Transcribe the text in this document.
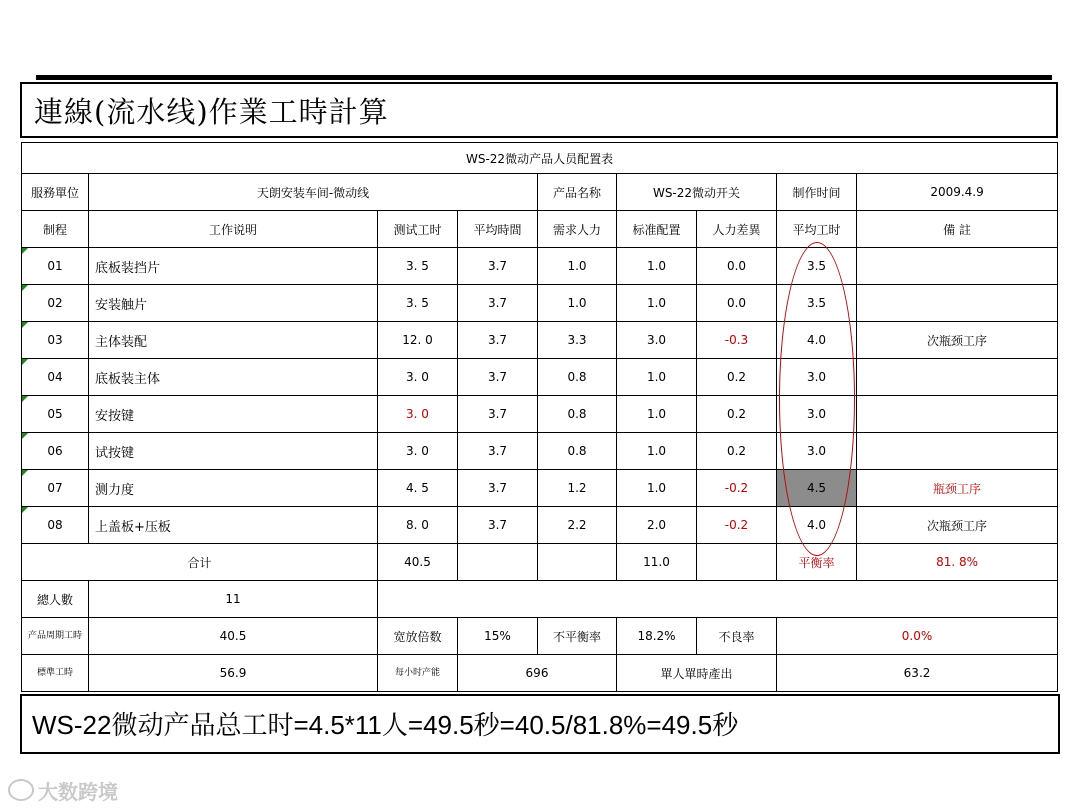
連線(流水线)作業工時計算
WS-22微动产品人员配置表								
服務單位	天朗安装车间-微动线			产品名称	WS-22微动开关		制作时间	2009.4.9
制程	工作说明	测试工时	平均時間	需求人力	标准配置	人力差異	平均工时	備 註

01	底板装挡片	3. 5	3.7	1.0	1.0	0.0	3.5	

02	安装触片	3. 5	3.7	1.0	1.0	0.0	3.5	

03	主体装配	12. 0	3.7	3.3	3.0	-0.3	4.0	次瓶颈工序

04	底板装主体	3. 0	3.7	0.8	1.0	0.2	3.0	

05	安按键	3. 0	3.7	0.8	1.0	0.2	3.0	

06	试按键	3. 0	3.7	0.8	1.0	0.2	3.0	

07	测力度	4. 5	3.7	1.2	1.0	-0.2	4.5	瓶颈工序

08	上盖板+压板	8. 0	3.7	2.2	2.0	-0.2	4.0	次瓶颈工序
合计		40.5			11.0		平衡率	81. 8%
總人數	11							
产品周期工時	40.5	宽放倍数	15%	不平衡率	18.2%	不良率	0.0%	
標準工時	56.9	每小时产能	696		單人單時產出		63.2	
WS-22微动产品总工时=4.5*11人=49.5秒=40.5/81.8%=49.5秒
大数跨境
